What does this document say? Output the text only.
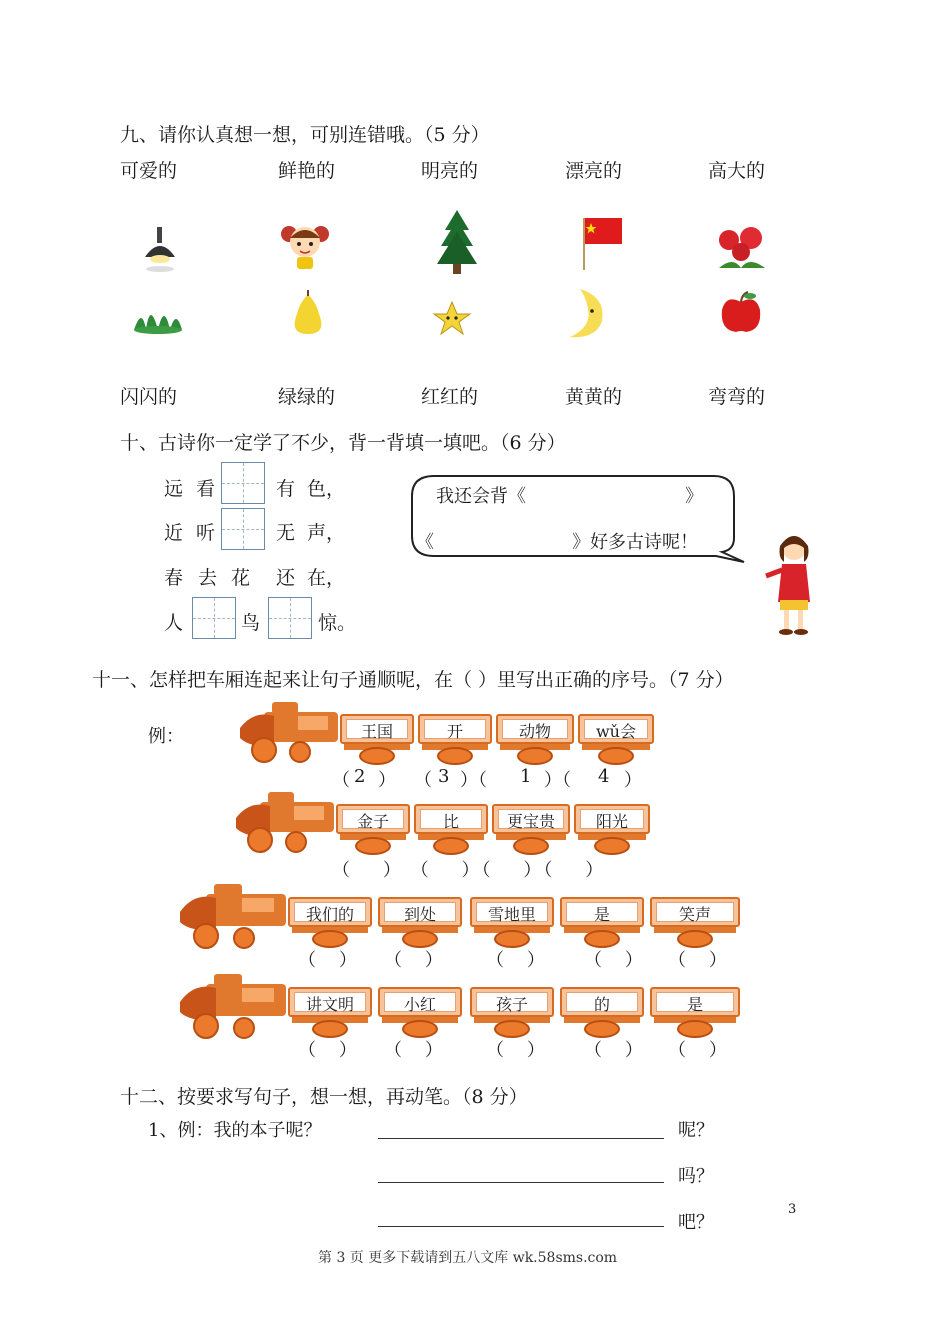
九、请你认真想一想，可别连错哦。（5 分）
可爱的	鲜艳的	明亮的	漂亮的	高大的
闪闪的	绿绿的	红红的	黄黄的	弯弯的
十、古诗你一定学了不少，背一背填一填吧。（6 分）
远 看	有 色，
近 听	无 声，
春 去 花 还 在，
人	鸟	惊。
我还会背《	》
《	》好多古诗呢！
十一、怎样把车厢连起来让句子通顺呢，在（ ）里写出正确的序号。（7 分）
例：	王国	开	动物	wǔ会
（ 2 ） （ 3 ）（ 1 ）（ 4 ）
金子	比	更宝贵	阳光
（    ） （    ）（    ）（    ）
我们的	到处	雪地里	是	笑声
（    ） （    ） （    ） （    ） （    ）
讲文明	小红	孩子	的	是
（    ） （    ） （    ） （    ） （    ）
十二、按要求写句子，想一想，再动笔。（8 分）
1、例：我的本子呢？	呢？
吗？
吧？
3
第 3 页 更多下载请到五八文库 wk.58sms.com
